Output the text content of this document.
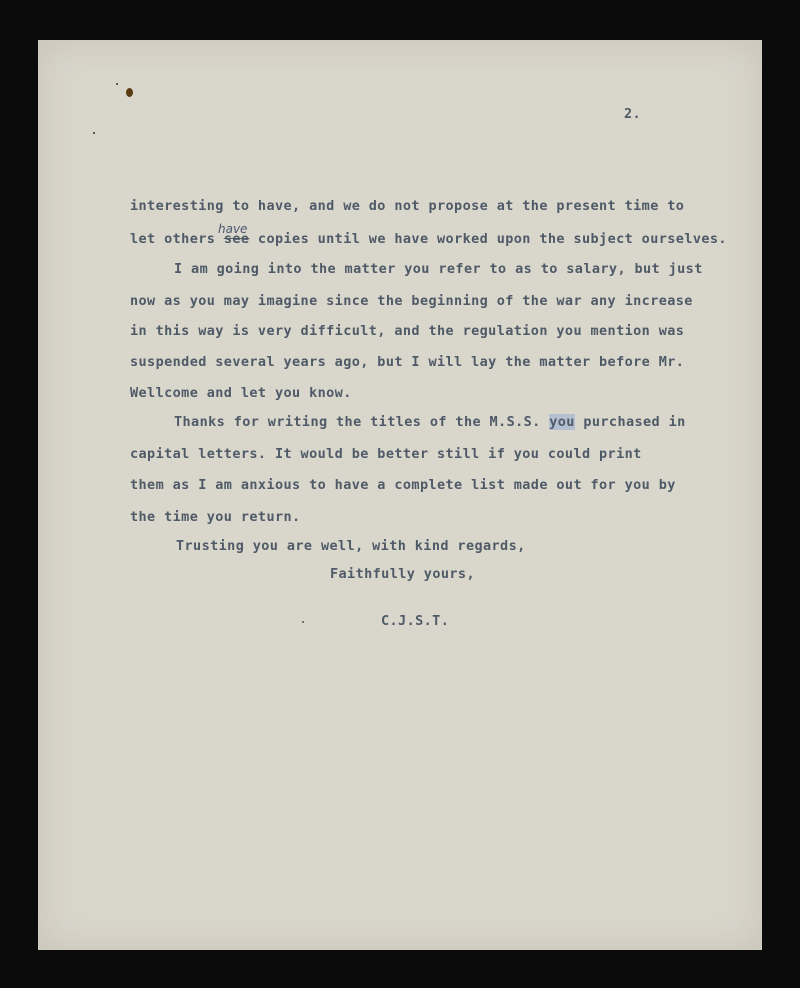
2.
interesting to have, and we do not propose at the present time to
let others see copies until we have worked upon the subject ourselves.
have
I am going into the matter you refer to as to salary, but just
now as you may imagine since the beginning of the war any increase
in this way is very difficult, and the regulation you mention was
suspended several years ago, but I will lay the matter before Mr.
Wellcome and let you know.
Thanks for writing the titles of the M.S.S. you purchased in
capital letters. It would be better still if you could print
them as I am anxious to have a complete list made out for you by
the time you return.
Trusting you are well, with kind regards,
Faithfully yours,
C.J.S.T.
